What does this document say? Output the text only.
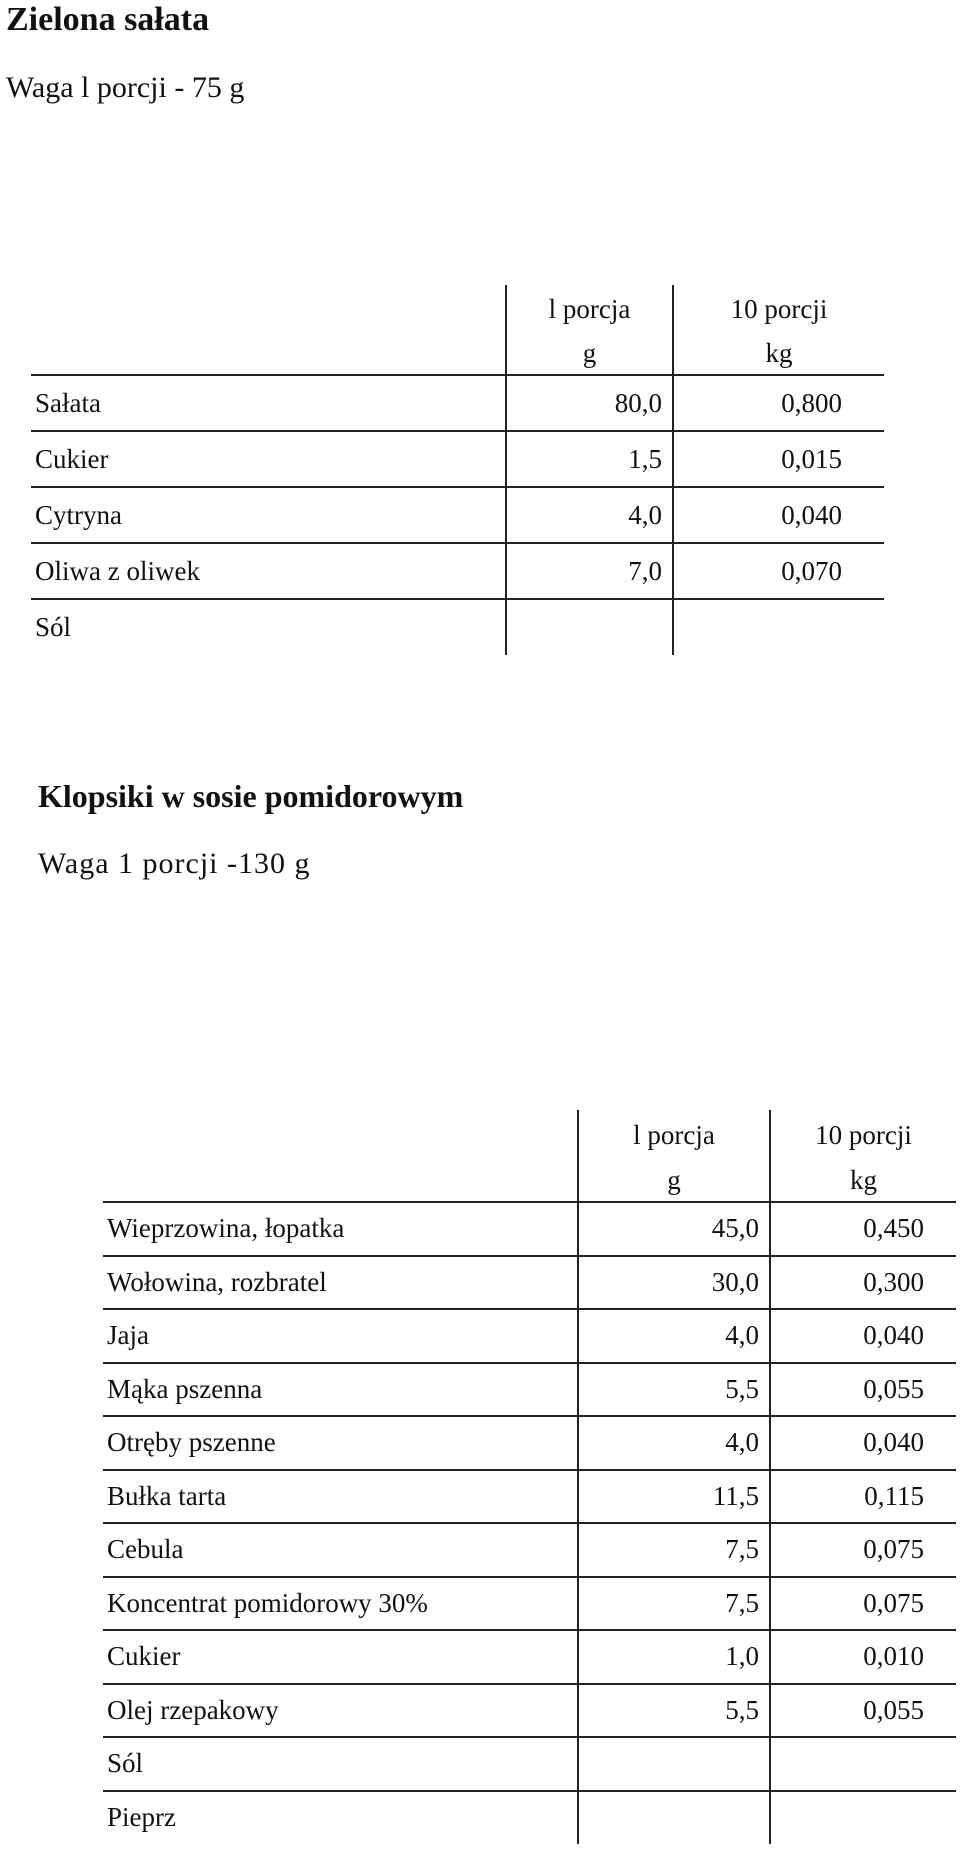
Zielona sałata
Waga l porcji - 75 g
	l porcja	10 porcji
	g	kg
Sałata	80,0	0,800
Cukier	1,5	0,015
Cytryna	4,0	0,040
Oliwa z oliwek	7,0	0,070
Sól		
Klopsiki w sosie pomidorowym
Waga 1 porcji -130 g
	l porcja	10 porcji
	g	kg
Wieprzowina, łopatka	45,0	0,450
Wołowina, rozbratel	30,0	0,300
Jaja	4,0	0,040
Mąka pszenna	5,5	0,055
Otręby pszenne	4,0	0,040
Bułka tarta	11,5	0,115
Cebula	7,5	0,075
Koncentrat pomidorowy 30%	7,5	0,075
Cukier	1,0	0,010
Olej rzepakowy	5,5	0,055
Sól		
Pieprz		
